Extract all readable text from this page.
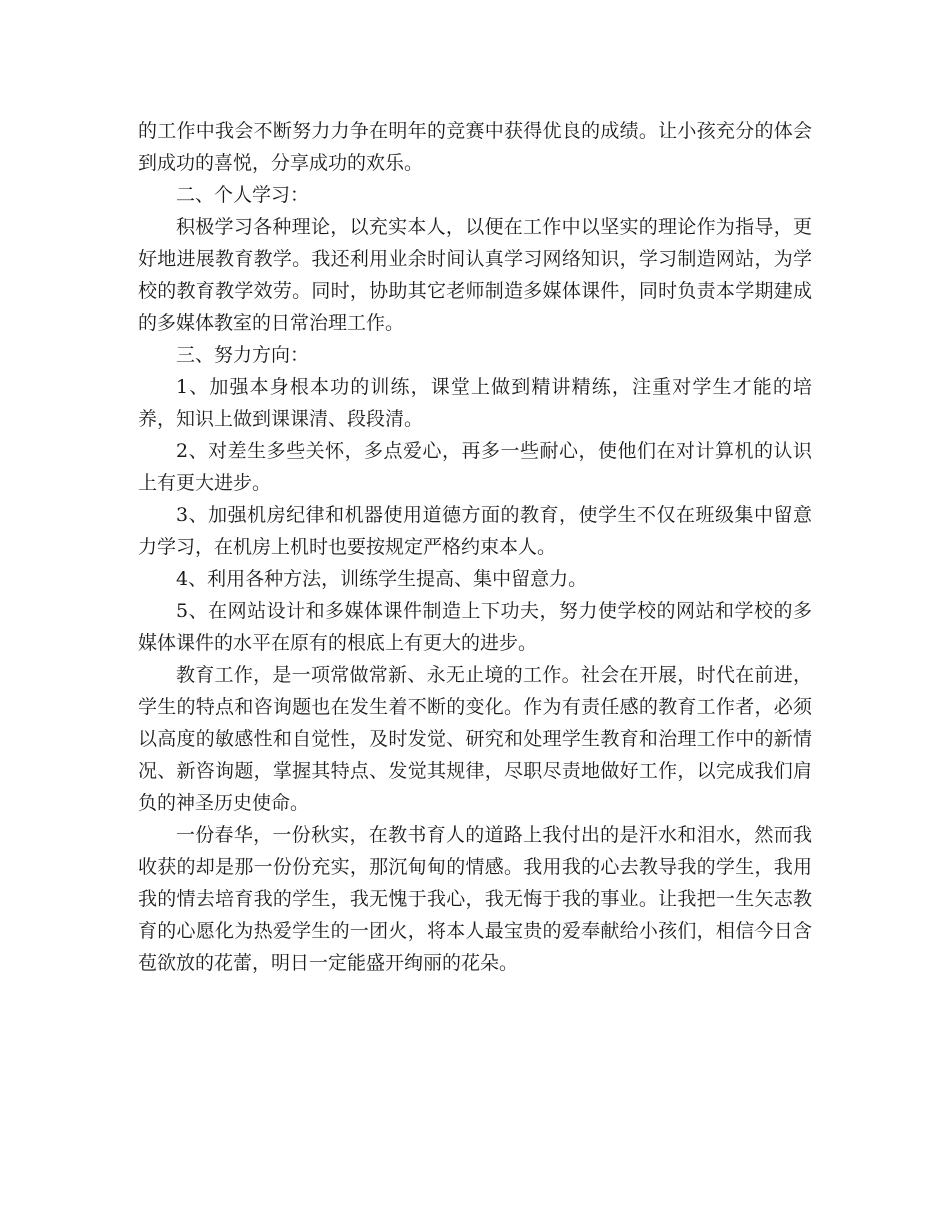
的工作中我会不断努力力争在明年的竞赛中获得优良的成绩。让小孩充分的体会到成功的喜悦，分享成功的欢乐。

二、个人学习：

积极学习各种理论，以充实本人，以便在工作中以坚实的理论作为指导，更好地进展教育教学。我还利用业余时间认真学习网络知识，学习制造网站，为学校的教育教学效劳。同时，协助其它老师制造多媒体课件，同时负责本学期建成的多媒体教室的日常治理工作。

三、努力方向：

1、加强本身根本功的训练，课堂上做到精讲精练，注重对学生才能的培养，知识上做到课课清、段段清。

2、对差生多些关怀，多点爱心，再多一些耐心，使他们在对计算机的认识上有更大进步。

3、加强机房纪律和机器使用道德方面的教育，使学生不仅在班级集中留意力学习，在机房上机时也要按规定严格约束本人。

4、利用各种方法，训练学生提高、集中留意力。

5、在网站设计和多媒体课件制造上下功夫，努力使学校的网站和学校的多媒体课件的水平在原有的根底上有更大的进步。

教育工作，是一项常做常新、永无止境的工作。社会在开展，时代在前进，学生的特点和咨询题也在发生着不断的变化。作为有责任感的教育工作者，必须以高度的敏感性和自觉性，及时发觉、研究和处理学生教育和治理工作中的新情况、新咨询题，掌握其特点、发觉其规律，尽职尽责地做好工作，以完成我们肩负的神圣历史使命。

一份春华，一份秋实，在教书育人的道路上我付出的是汗水和泪水，然而我收获的却是那一份份充实，那沉甸甸的情感。我用我的心去教导我的学生，我用我的情去培育我的学生，我无愧于我心，我无悔于我的事业。让我把一生矢志教育的心愿化为热爱学生的一团火，将本人最宝贵的爱奉献给小孩们，相信今日含苞欲放的花蕾，明日一定能盛开绚丽的花朵。
